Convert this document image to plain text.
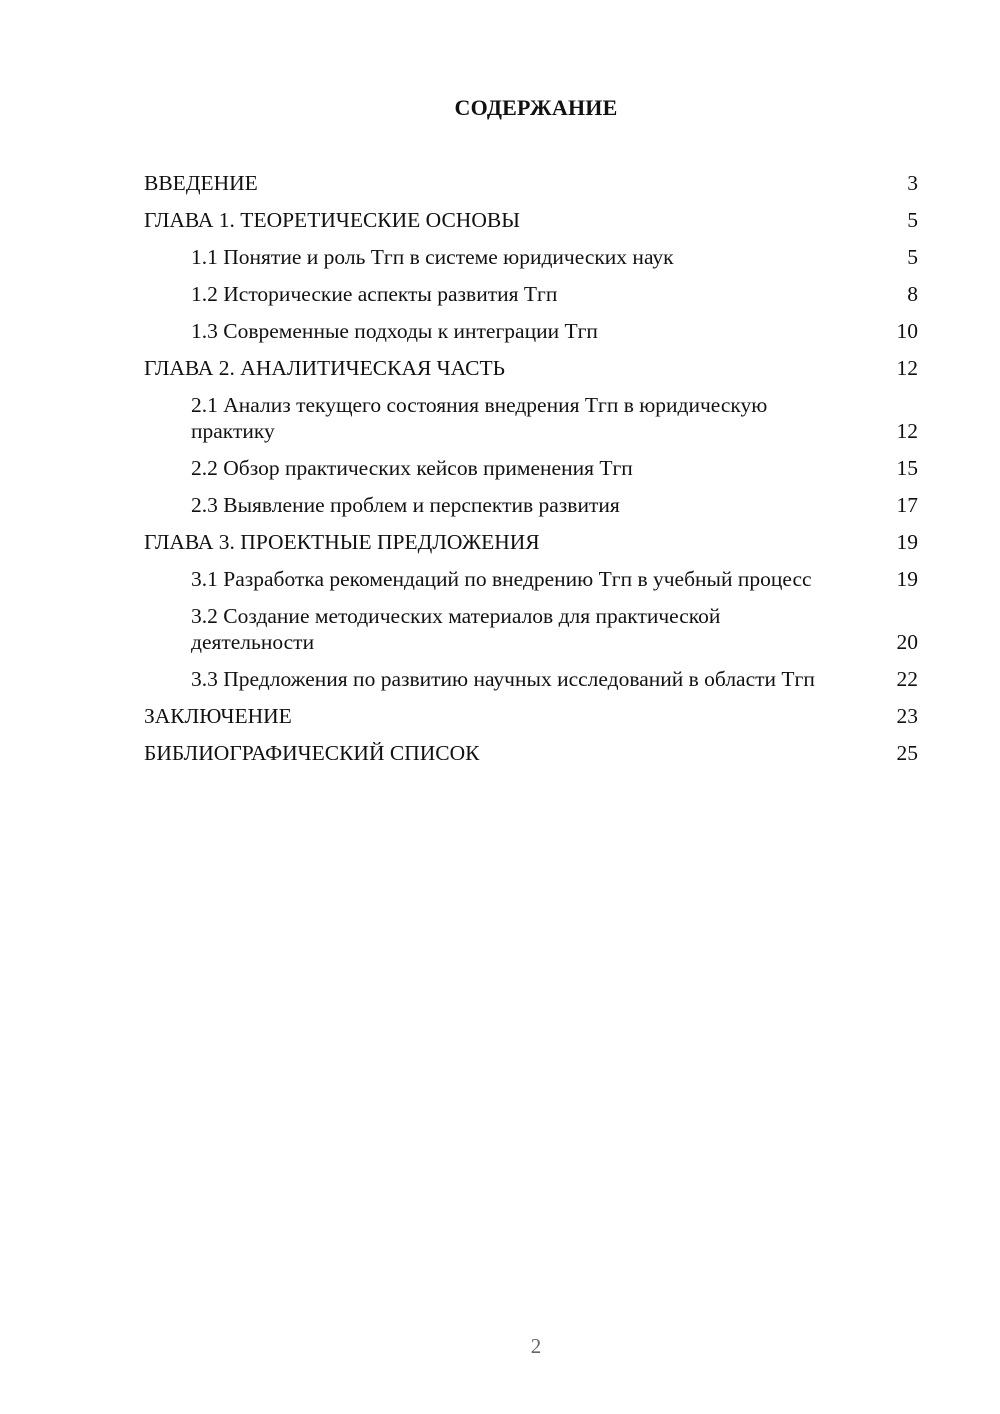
СОДЕРЖАНИЕ
ВВЕДЕНИЕ	3
ГЛАВА 1. ТЕОРЕТИЧЕСКИЕ ОСНОВЫ	5
1.1 Понятие и роль Тгп в системе юридических наук	5
1.2 Исторические аспекты развития Тгп	8
1.3 Современные подходы к интеграции Тгп	10
ГЛАВА 2. АНАЛИТИЧЕСКАЯ ЧАСТЬ	12
2.1 Анализ текущего состояния внедрения Тгп в юридическую практику	12
2.2 Обзор практических кейсов применения Тгп	15
2.3 Выявление проблем и перспектив развития	17
ГЛАВА 3. ПРОЕКТНЫЕ ПРЕДЛОЖЕНИЯ	19
3.1 Разработка рекомендаций по внедрению Тгп в учебный процесс	19
3.2 Создание методических материалов для практической деятельности	20
3.3 Предложения по развитию научных исследований в области Тгп	22
ЗАКЛЮЧЕНИЕ	23
БИБЛИОГРАФИЧЕСКИЙ СПИСОК	25
2
